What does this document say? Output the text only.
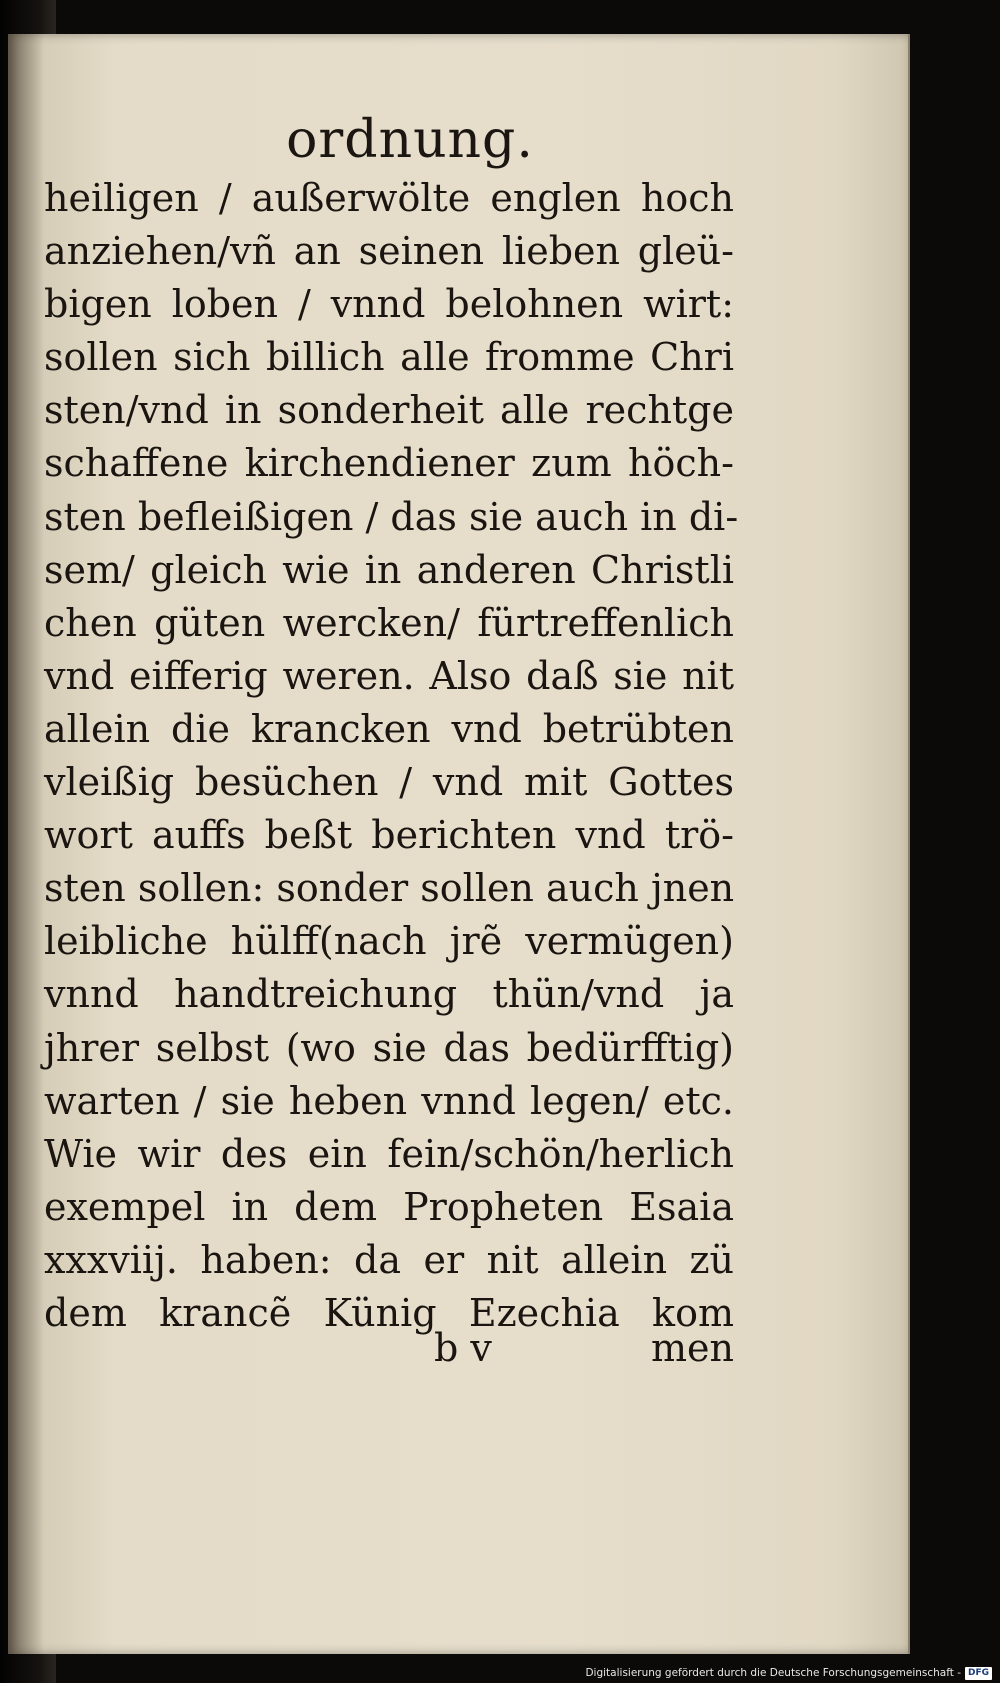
ordnung.
heiligen / außerwölte englen hoch
anziehen/vñ an seinen lieben gleü-
bigen loben / vnnd belohnen wirt:
sollen sich billich alle fromme Chri
sten/vnd in sonderheit alle rechtge
schaffene kirchendiener zum höch-
sten befleißigen / das sie auch in di-
sem/ gleich wie in anderen Christli
chen güten wercken/ fürtreffenlich
vnd eifferig weren. Also daß sie nit
allein die krancken vnd betrübten
vleißig besüchen / vnd mit Gottes
wort auffs beßt berichten vnd trö-
sten sollen: sonder sollen auch jnen
leibliche hülff(nach jrẽ vermügen)
vnnd handtreichung thün/vnd ja
jhrer selbst (wo sie das bedürfftig)
warten / sie heben vnnd legen/ etc.
Wie wir des ein fein/schön/herlich
exempel in dem Propheten Esaia
xxxviij. haben: da er nit allein zü
dem krancẽ Künig Ezechia kom
b v	men
Digitalisierung gefördert durch die Deutsche Forschungsgemeinschaft - DFG
